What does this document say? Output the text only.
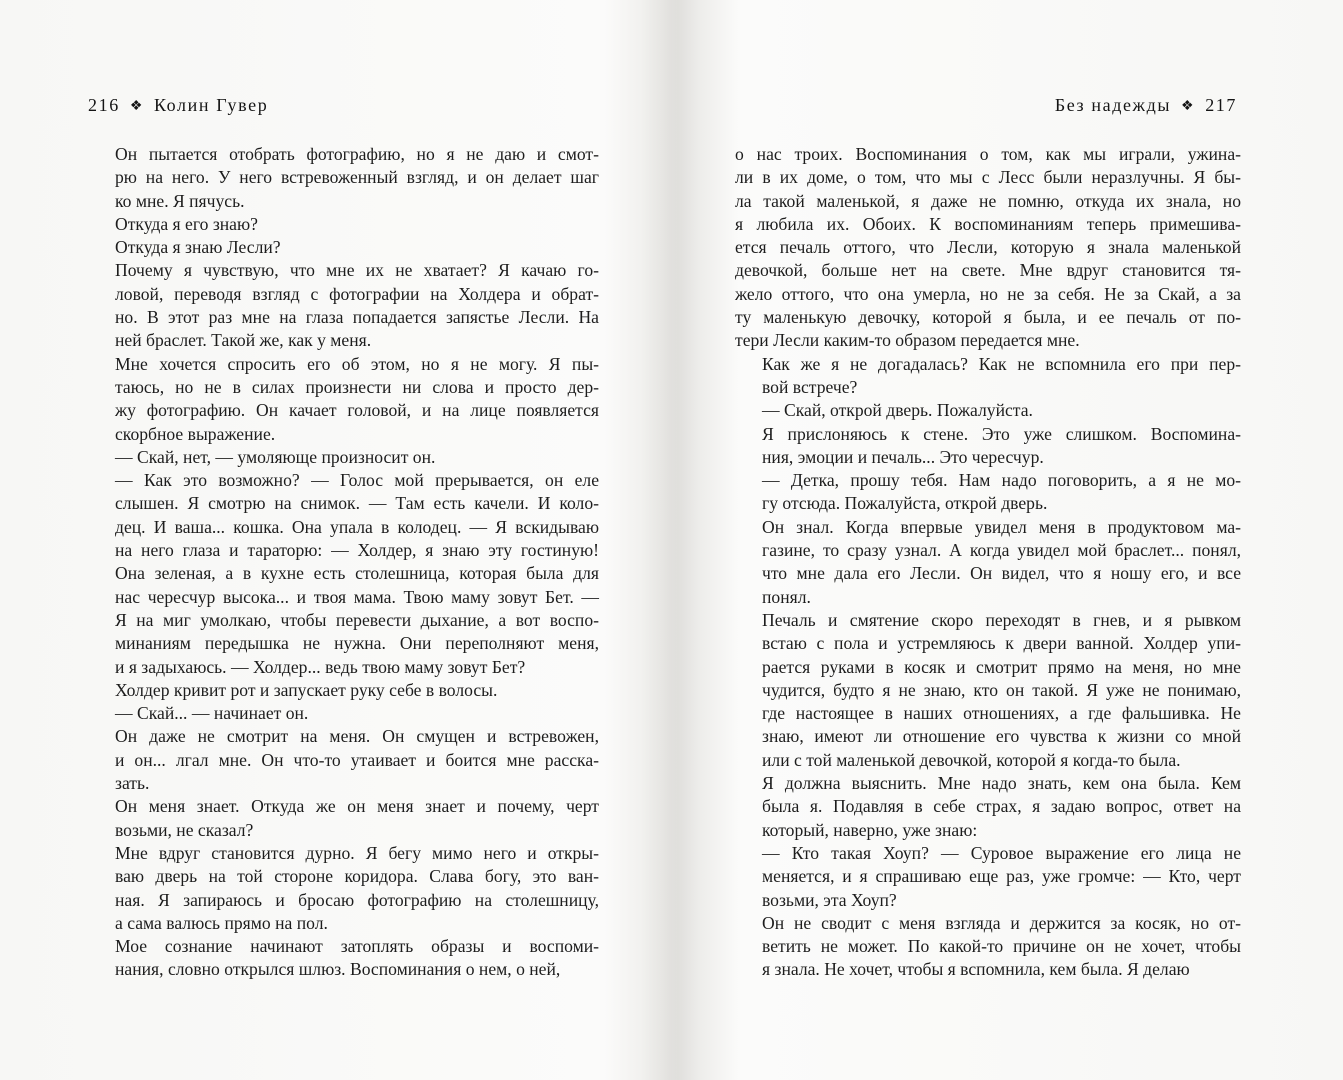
216 ❖ Колин Гувер
Он пытается отобрать фотографию, но я не даю и смот-
рю на него. У него встревоженный взгляд, и он делает шаг
ко мне. Я пячусь.
Откуда я его знаю?
Откуда я знаю Лесли?
Почему я чувствую, что мне их не хватает? Я качаю го-
ловой, переводя взгляд с фотографии на Холдера и обрат-
но. В этот раз мне на глаза попадается запястье Лесли. На
ней браслет. Такой же, как у меня.
Мне хочется спросить его об этом, но я не могу. Я пы-
таюсь, но не в силах произнести ни слова и просто дер-
жу фотографию. Он качает головой, и на лице появляется
скорбное выражение.
— Скай, нет, — умоляюще произносит он.
— Как это возможно? — Голос мой прерывается, он еле
слышен. Я смотрю на снимок. — Там есть качели. И коло-
дец. И ваша... кошка. Она упала в колодец. — Я вскидываю
на него глаза и тараторю: — Холдер, я знаю эту гостиную!
Она зеленая, а в кухне есть столешница, которая была для
нас чересчур высока... и твоя мама. Твою маму зовут Бет. —
Я на миг умолкаю, чтобы перевести дыхание, а вот воспо-
минаниям передышка не нужна. Они переполняют меня,
и я задыхаюсь. — Холдер... ведь твою маму зовут Бет?
Холдер кривит рот и запускает руку себе в волосы.
— Скай... — начинает он.
Он даже не смотрит на меня. Он смущен и встревожен,
и он... лгал мне. Он что-то утаивает и боится мне расска-
зать.
Он меня знает. Откуда же он меня знает и почему, черт
возьми, не сказал?
Мне вдруг становится дурно. Я бегу мимо него и откры-
ваю дверь на той стороне коридора. Слава богу, это ван-
ная. Я запираюсь и бросаю фотографию на столешницу,
а сама валюсь прямо на пол.
Мое сознание начинают затоплять образы и воспоми-
нания, словно открылся шлюз. Воспоминания о нем, о ней,
Без надежды ❖ 217
о нас троих. Воспоминания о том, как мы играли, ужина-
ли в их доме, о том, что мы с Лесс были неразлучны. Я бы-
ла такой маленькой, я даже не помню, откуда их знала, но
я любила их. Обоих. К воспоминаниям теперь примешива-
ется печаль оттого, что Лесли, которую я знала маленькой
девочкой, больше нет на свете. Мне вдруг становится тя-
жело оттого, что она умерла, но не за себя. Не за Скай, а за
ту маленькую девочку, которой я была, и ее печаль от по-
тери Лесли каким-то образом передается мне.
Как же я не догадалась? Как не вспомнила его при пер-
вой встрече?
— Скай, открой дверь. Пожалуйста.
Я прислоняюсь к стене. Это уже слишком. Воспомина-
ния, эмоции и печаль... Это чересчур.
— Детка, прошу тебя. Нам надо поговорить, а я не мо-
гу отсюда. Пожалуйста, открой дверь.
Он знал. Когда впервые увидел меня в продуктовом ма-
газине, то сразу узнал. А когда увидел мой браслет... понял,
что мне дала его Лесли. Он видел, что я ношу его, и все
понял.
Печаль и смятение скоро переходят в гнев, и я рывком
встаю с пола и устремляюсь к двери ванной. Холдер упи-
рается руками в косяк и смотрит прямо на меня, но мне
чудится, будто я не знаю, кто он такой. Я уже не понимаю,
где настоящее в наших отношениях, а где фальшивка. Не
знаю, имеют ли отношение его чувства к жизни со мной
или с той маленькой девочкой, которой я когда-то была.
Я должна выяснить. Мне надо знать, кем она была. Кем
была я. Подавляя в себе страх, я задаю вопрос, ответ на
который, наверно, уже знаю:
— Кто такая Хоуп? — Суровое выражение его лица не
меняется, и я спрашиваю еще раз, уже громче: — Кто, черт
возьми, эта Хоуп?
Он не сводит с меня взгляда и держится за косяк, но от-
ветить не может. По какой-то причине он не хочет, чтобы
я знала. Не хочет, чтобы я вспомнила, кем была. Я делаю
